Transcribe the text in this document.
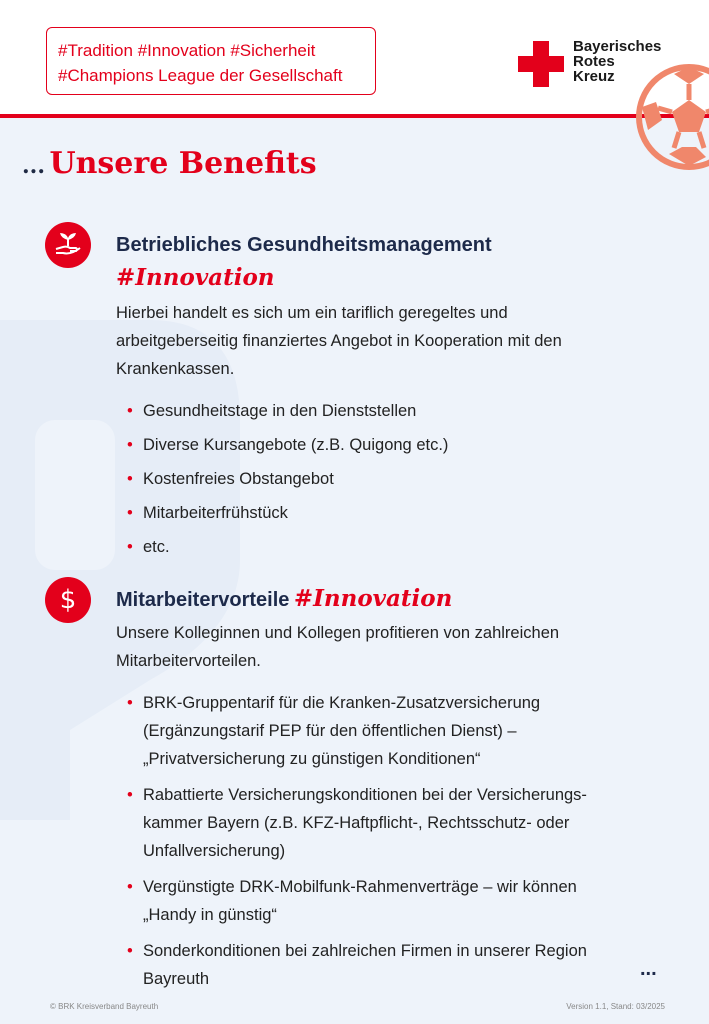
#Tradition #Innovation #Sicherheit
#Champions League der Gesellschaft
Bayerisches
Rotes
Kreuz
... Unsere Benefits
Betriebliches Gesundheitsmanagement
#Innovation
Hierbei handelt es sich um ein tariflich geregeltes und
arbeitgeberseitig finanziertes Angebot in Kooperation mit den
Krankenkassen.
• Gesundheitstage in den Dienststellen
• Diverse Kursangebote (z.B. Quigong etc.)
• Kostenfreies Obstangebot
• Mitarbeiterfrühstück
• etc.
$	Mitarbeitervorteile #Innovation
Unsere Kolleginnen und Kollegen profitieren von zahlreichen
Mitarbeitervorteilen.
• BRK-Gruppentarif für die Kranken-Zusatzversicherung
(Ergänzungstarif PEP für den öffentlichen Dienst) –
„Privatversicherung zu günstigen Konditionen“
• Rabattierte Versicherungskonditionen bei der Versicherungs-
kammer Bayern (z.B. KFZ-Haftpflicht-, Rechtsschutz- oder
Unfallversicherung)
• Vergünstigte DRK-Mobilfunk-Rahmenverträge – wir können
„Handy in günstig“
• Sonderkonditionen bei zahlreichen Firmen in unserer Region
Bayreuth	...
© BRK Kreisverband Bayreuth	Version 1.1, Stand: 03/2025
